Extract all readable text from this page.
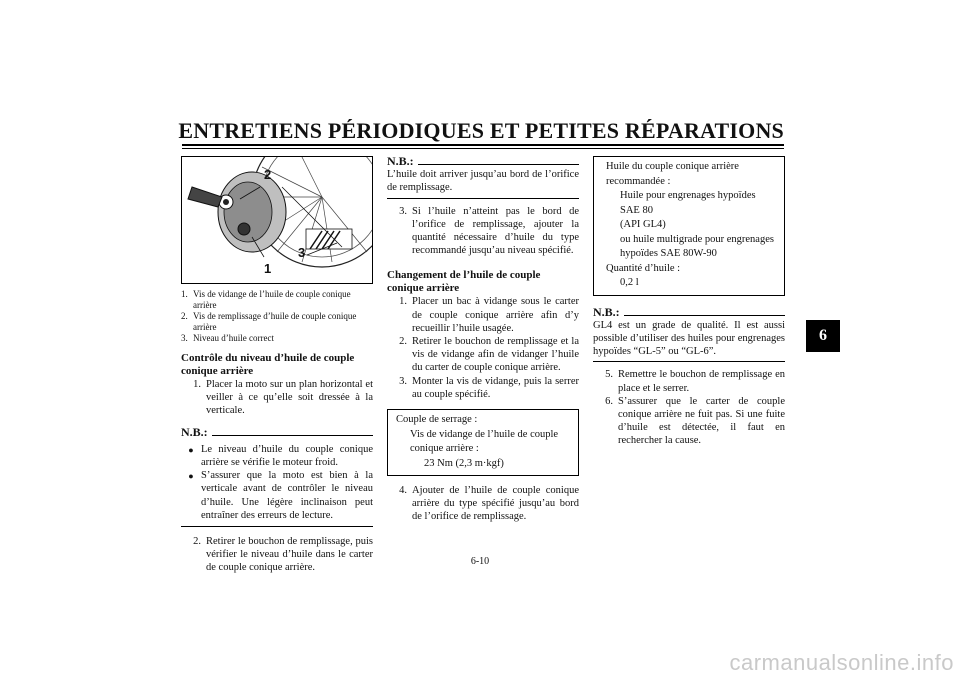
ENTRETIENS PÉRIODIQUES ET PETITES RÉPARATIONS
6
2
1
3
1. Vis de vidange de l’huile de couple conique arrière
2. Vis de remplissage d’huile de couple conique arrière
3. Niveau d’huile correct
Contrôle du niveau d’huile de couple conique arrière
1. Placer la moto sur un plan horizontal et veiller à ce qu’elle soit dressée à la verticale.
N.B.:
● Le niveau d’huile du couple conique arrière se vérifie le moteur froid.
● S’assurer que la moto est bien à la verticale avant de contrôler le niveau d’huile. Une légère inclinaison peut entraîner des erreurs de lecture.
2. Retirer le bouchon de remplissage, puis vérifier le niveau d’huile dans le carter de couple conique arrière.
N.B.:

L’huile doit arriver jusqu’au bord de l’orifice de remplissage.

3. Si l’huile n’atteint pas le bord de l’orifice de remplissage, ajouter la quantité nécessaire d’huile du type recommandé jusqu’au niveau spécifié.
Changement de l’huile de couple conique arrière
1. Placer un bac à vidange sous le carter de couple conique arrière afin d’y recueillir l’huile usagée.
2. Retirer le bouchon de remplissage et la vis de vidange afin de vidanger l’huile du carter de couple conique arrière.
3. Monter la vis de vidange, puis la serrer au couple spécifié.
Couple de serrage :
Vis de vidange de l’huile de couple
conique arrière :
23 Nm (2,3 m·kgf)
4. Ajouter de l’huile de couple conique arrière du type spécifié jusqu’au bord de l’orifice de remplissage.
Huile du couple conique arrière
recommandée :
Huile pour engrenages hypoïdes SAE 80
(API GL4)
ou huile multigrade pour engrenages
hypoïdes SAE 80W-90
Quantité d’huile :
0,2 l
N.B.:

GL4 est un grade de qualité. Il est aussi possible d’utiliser des huiles pour engrenages hypoïdes “GL-5” ou “GL-6”.

5. Remettre le bouchon de remplissage en place et le serrer.
6. S’assurer que le carter de couple conique arrière ne fuit pas. Si une fuite d’huile est détectée, il faut en rechercher la cause.
6-10
carmanualsonline.info
